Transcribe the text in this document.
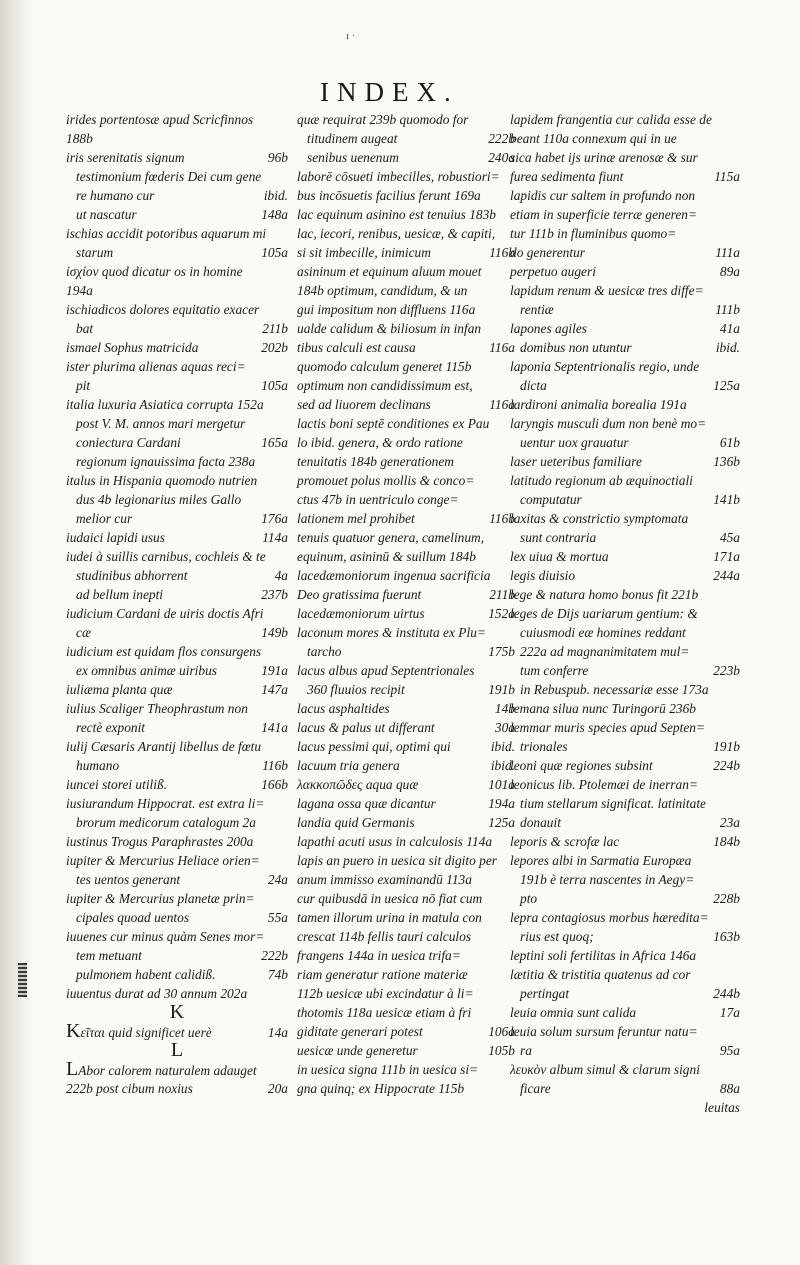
ı ·
INDEX.
irides portentosæ apud Scricfinnos
188b
iris serenitatis signum	96b
testimonium fœderis Dei cum gene
re humano cur	ibid.
ut nascatur	148a
ischias accidit potoribus aquarum mi
starum	105a
ἰσχίον quod dicatur os in homine
194a
ischiadicos dolores equitatio exacer
bat	211b
ismael Sophus matricida	202b
ister plurima alienas aquas reci=
pit	105a
italia luxuria Asiatica corrupta 152a
post V. M. annos mari mergetur
coniectura Cardani	165a
regionum ignauissima facta 238a
italus in Hispania quomodo nutrien
dus 4b legionarius miles Gallo
melior cur	176a
iudaici lapidi usus	114a
iudei à suillis carnibus, cochleis & te
studinibus abhorrent	4a
ad bellum inepti	237b
iudicium Cardani de uiris doctis Afri
cæ	149b
iudicium est quidam flos consurgens
ex omnibus animæ uiribus	191a
iuliæma planta quæ	147a
iulius Scaliger Theophrastum non
rectè exponit	141a
iulij Cæsaris Arantij libellus de fœtu
humano	116b
iuncei storei utiliß.	166b
iusiurandum Hippocrat. est extra li=
brorum medicorum catalogum 2a
iustinus Trogus Paraphrastes 200a
iupiter & Mercurius Heliace orien=
tes uentos generant	24a
iupiter & Mercurius planetæ prin=
cipales quoad uentos	55a
iuuenes cur minus quàm Senes mor=
tem metuant	222b
pulmonem habent calidiß.	74b
iuuentus durat ad 30 annum 202a
K
Κεῖται quid significet uerè	14a
L
LAbor calorem naturalem adauget
222b post cibum noxius	20a
quæ requirat 239b quomodo for
titudinem augeat	222b
senibus uenenum	240a
laborē cōsueti imbecilles, robustiori=
bus incōsuetis facilius ferunt 169a
lac equinum asinino est tenuius 183b
lac, iecori, renibus, uesicæ, & capiti,
si sit imbecille, inimicum	116b
asininum et equinum aluum mouet
184b optimum, candidum, & un
gui impositum non diffluens 116a
ualde calidum & biliosum in infan
tibus calculi est causa	116a
quomodo calculum generet 115b
optimum non candidissimum est,
sed ad liuorem declinans	116a
lactis boni septē conditiones ex Pau
lo ibid. genera, & ordo ratione
tenuitatis 184b generationem
promouet polus mollis & conco=
ctus 47b in uentriculo conge=
lationem mel prohibet	116b
tenuis quatuor genera, camelinum,
equinum, asininū & suillum 184b
lacedæmoniorum ingenua sacrificia
Deo gratissima fuerunt	211b
lacedæmoniorum uirtus	152a
laconum mores & instituta ex Plu=
tarcho	175b
lacus albus apud Septentrionales
360 fluuios recipit	191b
lacus asphaltides	14b
lacus & palus ut differant	30a
lacus pessimi qui, optimi qui	ibid.
lacuum tria genera	ibid.
λακκοπῶδες aqua quæ	101a
lagana ossa quæ dicantur	194a
landia quid Germanis	125a
lapathi acuti usus in calculosis 114a
lapis an puero in uesica sit digito per
anum immisso examinandū 113a
cur quibusdā in uesica nō fiat cum
tamen illorum urina in matula con
crescat 114b fellis tauri calculos
frangens 144a in uesica trifa=
riam generatur ratione materiæ
112b uesicæ ubi excindatur à li=
thotomis 118a uesicæ etiam à fri
giditate generari potest	106a
uesicæ unde generetur	105b
in uesica signa 111b in uesica si=
gna quinq; ex Hippocrate 115b
lapidem frangentia cur calida esse de
beant 110a connexum qui in ue
sica habet ijs urinæ arenosæ & sur
furea sedimenta fiunt	115a
lapidis cur saltem in profundo non
etiam in superficie terræ generen=
tur 111b in fluminibus quomo=
do generentur	111a
perpetuo augeri	89a
lapidum renum & uesicæ tres diffe=
rentiæ	111b
lapones agiles	41a
domibus non utuntur	ibid.
laponia Septentrionalis regio, unde
dicta	125a
lardironi animalia borealia 191a
laryngis musculi dum non benè mo=
uentur uox grauatur	61b
laser ueteribus familiare	136b
latitudo regionum ab æquinoctiali
computatur	141b
laxitas & constrictio symptomata
sunt contraria	45a
lex uiua & mortua	171a
legis diuisio	244a
lege & natura homo bonus fit 221b
leges de Dijs uariarum gentium: &
cuiusmodi eæ homines reddant
222a ad magnanimitatem mul=
tum conferre	223b
in Rebuspub. necessariæ esse 173a
lemana silua nunc Turingorū 236b
lemmar muris species apud Septen=
trionales	191b
leoni quæ regiones subsint	224b
leonicus lib. Ptolemæi de inerran=
tium stellarum significat. latinitate
donauit	23a
leporis & scrofæ lac	184b
lepores albi in Sarmatia Europæa
191b è terra nascentes in Aegy=
pto	228b
lepra contagiosus morbus hæredita=
rius est quoq;	163b
leptini soli fertilitas in Africa 146a
lætitia & tristitia quatenus ad cor
pertingat	244b
leuia omnia sunt calida	17a
leuia solum sursum feruntur natu=
ra	95a
λευκὸν album simul & clarum signi
ficare	88a
leuitas
